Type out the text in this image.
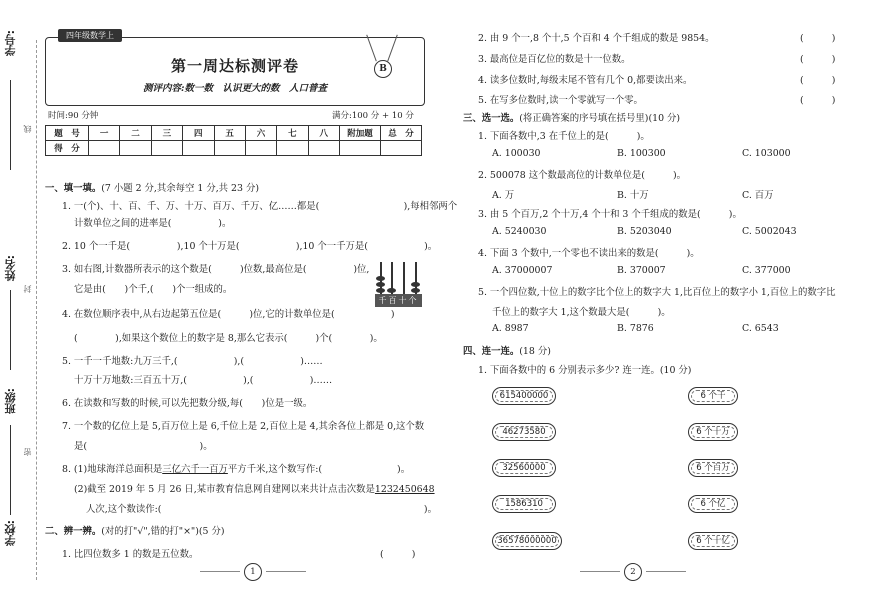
学号:
姓名:
班级:
学校:
线
封
密
第一周达标测评卷
测评内容:数一数　认识更大的数　人口普查
四年级数学上
B
时间:90 分钟	满分:100 分 + 10 分
题　号	一	二	三	四	五	六	七	八	附加题	总　分
得　分										
一、填一填。(7 小题 2 分,其余每空 1 分,共 23 分)
1. 一(个)、十、百、千、万、十万、百万、千万、亿……都是(　　　　　　　　　),每相邻两个
计数单位之间的进率是(　　　　　)。
2. 10 个一千是(　　　　　),10 个十万是(　　　　　　),10 个一千万是(　　　　　　)。
3. 如右图,计数器所表示的这个数是(　　　)位数,最高位是(　　　　　)位,
它是由(　　)个千,(　　)个一组成的。
千百十个
4. 在数位顺序表中,从右边起第五位是(　　　)位,它的计数单位是(　　　　　　)
(　　　　),如果这个数位上的数字是 8,那么它表示(　　　)个(　　　　)。
5. 一千一千地数:九万三千,(　　　　　　),(　　　　　　)……
十万十万地数:三百五十万,(　　　　　　),(　　　　　　)……
6. 在读数和写数的时候,可以先把数分级,每(　　)位是一级。
7. 一个数的亿位上是 5,百万位上是 6,千位上是 2,百位上是 4,其余各位上都是 0,这个数
是(　　　　　　　　　　　　)。
8. (1)地球海洋总面积是三亿六千一百万平方千米,这个数写作:(　　　　　　　　)。
(2)截至 2019 年 5 月 26 日,某市教育信息网自建网以来共计点击次数是1232450648
人次,这个数读作:(　　　　　　　　　　　　　　　　　　　　　　　　　　　　)。
二、辨一辨。(对的打"√",错的打"×")(5 分)
1. 比四位数多 1 的数是五位数。	(　　　)
1
2. 由 9 个一,8 个十,5 个百和 4 个千组成的数是 9854。	(　　　)
3. 最高位是百亿位的数是十一位数。	(　　　)
4. 读多位数时,每级末尾不管有几个 0,都要读出来。	(　　　)
5. 在写多位数时,读一个零就写一个零。	(　　　)
三、选一选。(将正确答案的序号填在括号里)(10 分)
1. 下面各数中,3 在千位上的是(　　　)。
A. 100030	B. 100300	C. 103000
2. 500078 这个数最高位的计数单位是(　　　)。
A. 万	B. 十万	C. 百万
3. 由 5 个百万,2 个十万,4 个十和 3 个千组成的数是(　　　)。
A. 5240030	B. 5203040	C. 5002043
4. 下面 3 个数中,一个零也不读出来的数是(　　　)。
A. 37000007	B. 370007	C. 377000
5. 一个四位数,十位上的数字比个位上的数字大 1,比百位上的数字小 1,百位上的数字比
千位上的数字大 1,这个数最大是(　　　)。
A. 8987	B. 7876	C. 6543
四、连一连。(18 分)
1. 下面各数中的 6 分别表示多少? 连一连。(10 分)
615400000
46273580
32560000
1586310
36578000000
6 个千
6 个十万
6 个百万
6 个亿
6 个十亿
2
